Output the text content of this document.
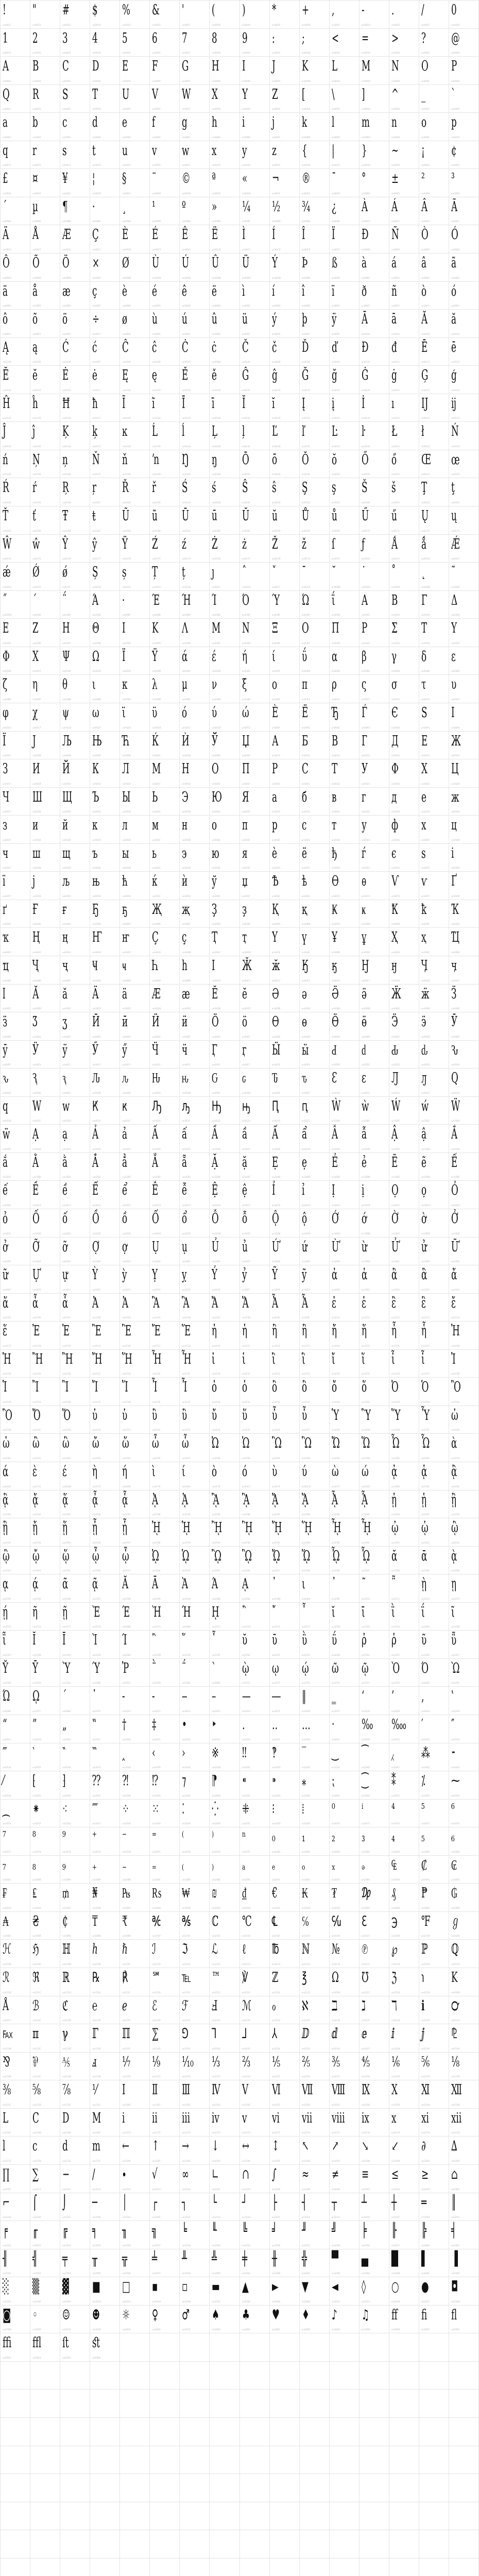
!
uni0021
"
uni0022
#
uni0023
$
uni0024
%
uni0025
&
uni0026
'
uni0027
(
uni0028
)
uni0029
*
uni002A
+
uni002B
,
uni002C
-
uni002D
.
uni002E
/
uni002F
0
uni0030
1
uni0031
2
uni0032
3
uni0033
4
uni0034
5
uni0035
6
uni0036
7
uni0037
8
uni0038
9
uni0039
:
uni003A
;
uni003B
<
uni003C
=
uni003D
>
uni003E
?
uni003F
@
uni0040
A
uni0041
B
uni0042
C
uni0043
D
uni0044
E
uni0045
F
uni0046
G
uni0047
H
uni0048
I
uni0049
J
uni004A
K
uni004B
L
uni004C
M
uni004D
N
uni004E
O
uni004F
P
uni0050
Q
uni0051
R
uni0052
S
uni0053
T
uni0054
U
uni0055
V
uni0056
W
uni0057
X
uni0058
Y
uni0059
Z
uni005A
[
uni005B
\
uni005C
]
uni005D
^
uni005E
_
uni005F
`
uni0060
a
uni0061
b
uni0062
c
uni0063
d
uni0064
e
uni0065
f
uni0066
g
uni0067
h
uni0068
i
uni0069
j
uni006A
k
uni006B
l
uni006C
m
uni006D
n
uni006E
o
uni006F
p
uni0070
q
uni0071
r
uni0072
s
uni0073
t
uni0074
u
uni0075
v
uni0076
w
uni0077
x
uni0078
y
uni0079
z
uni007A
{
uni007B
|
uni007C
}
uni007D
~
uni007E
¡
uni00A1
¢
uni00A2
£
uni00A3
¤
uni00A4
¥
uni00A5
¦
uni00A6
§
uni00A7
¨
uni00A8
©
uni00A9
ª
uni00AA
«
uni00AB
¬
uni00AC
®
uni00AE
¯
uni00AF
°
uni00B0
±
uni00B1
²
uni00B2
³
uni00B3
´
uni00B4
µ
uni00B5
¶
uni00B6
·
uni00B7
¸
uni00B8
¹
uni00B9
º
uni00BA
»
uni00BB
¼
uni00BC
½
uni00BD
¾
uni00BE
¿
uni00BF
À
uni00C0
Á
uni00C1
Â
uni00C2
Ã
uni00C3
Ä
uni00C4
Å
uni00C5
Æ
uni00C6
Ç
uni00C7
È
uni00C8
É
uni00C9
Ê
uni00CA
Ë
uni00CB
Ì
uni00CC
Í
uni00CD
Î
uni00CE
Ï
uni00CF
Ð
uni00D0
Ñ
uni00D1
Ò
uni00D2
Ó
uni00D3
Ô
uni00D4
Õ
uni00D5
Ö
uni00D6
×
uni00D7
Ø
uni00D8
Ù
uni00D9
Ú
uni00DA
Û
uni00DB
Ü
uni00DC
Ý
uni00DD
Þ
uni00DE
ß
uni00DF
à
uni00E0
á
uni00E1
â
uni00E2
ã
uni00E3
ä
uni00E4
å
uni00E5
æ
uni00E6
ç
uni00E7
è
uni00E8
é
uni00E9
ê
uni00EA
ë
uni00EB
ì
uni00EC
í
uni00ED
î
uni00EE
ï
uni00EF
ð
uni00F0
ñ
uni00F1
ò
uni00F2
ó
uni00F3
ô
uni00F4
õ
uni00F5
ö
uni00F6
÷
uni00F7
ø
uni00F8
ù
uni00F9
ú
uni00FA
û
uni00FB
ü
uni00FC
ý
uni00FD
þ
uni00FE
ÿ
uni00FF
Ā
uni0100
ā
uni0101
Ă
uni0102
ă
uni0103
Ą
uni0104
ą
uni0105
Ć
uni0106
ć
uni0107
Ĉ
uni0108
ĉ
uni0109
Ċ
uni010A
ċ
uni010B
Č
uni010C
č
uni010D
Ď
uni010E
ď
uni010F
Đ
uni0110
đ
uni0111
Ē
uni0112
ē
uni0113
Ĕ
uni0114
ĕ
uni0115
Ė
uni0116
ė
uni0117
Ę
uni0118
ę
uni0119
Ě
uni011A
ě
uni011B
Ĝ
uni011C
ĝ
uni011D
Ğ
uni011E
ğ
uni011F
Ġ
uni0120
ġ
uni0121
Ģ
uni0122
ģ
uni0123
Ĥ
uni0124
ĥ
uni0125
Ħ
uni0126
ħ
uni0127
Ĩ
uni0128
ĩ
uni0129
Ī
uni012A
ī
uni012B
Ĭ
uni012C
ĭ
uni012D
Į
uni012E
į
uni012F
İ
uni0130
ı
uni0131
Ĳ
uni0132
ĳ
uni0133
Ĵ
uni0134
ĵ
uni0135
Ķ
uni0136
ķ
uni0137
ĸ
uni0138
Ĺ
uni0139
ĺ
uni013A
Ļ
uni013B
ļ
uni013C
Ľ
uni013D
ľ
uni013E
Ŀ
uni013F
ŀ
uni0140
Ł
uni0141
ł
uni0142
Ń
uni0143
ń
uni0144
Ņ
uni0145
ņ
uni0146
Ň
uni0147
ň
uni0148
ŉ
uni0149
Ŋ
uni014A
ŋ
uni014B
Ō
uni014C
ō
uni014D
Ŏ
uni014E
ŏ
uni014F
Ő
uni0150
ő
uni0151
Œ
uni0152
œ
uni0153
Ŕ
uni0154
ŕ
uni0155
Ŗ
uni0156
ŗ
uni0157
Ř
uni0158
ř
uni0159
Ś
uni015A
ś
uni015B
Ŝ
uni015C
ŝ
uni015D
Ş
uni015E
ş
uni015F
Š
uni0160
š
uni0161
Ţ
uni0162
ţ
uni0163
Ť
uni0164
ť
uni0165
Ŧ
uni0166
ŧ
uni0167
Ũ
uni0168
ũ
uni0169
Ū
uni016A
ū
uni016B
Ŭ
uni016C
ŭ
uni016D
Ů
uni016E
ů
uni016F
Ű
uni0170
ű
uni0171
Ų
uni0172
ų
uni0173
Ŵ
uni0174
ŵ
uni0175
Ŷ
uni0176
ŷ
uni0177
Ÿ
uni0178
Ź
uni0179
ź
uni017A
Ż
uni017B
ż
uni017C
Ž
uni017D
ž
uni017E
ſ
uni017F
ƒ
uni0192
Ǻ
uni01FA
ǻ
uni01FB
Ǽ
uni01FC
ǽ
uni01FD
Ǿ
uni01FE
ǿ
uni01FF
Ș
uni0218
ș
uni0219
Ț
uni021A
ț
uni021B
ȷ
uni0237
ˆ
uni02C6
ˇ
uni02C7
ˉ
uni02C9
˘
uni02D8
˙
uni02D9
˚
uni02DA
˛
uni02DB
˜
uni02DC
˝
uni02DD
΄
uni0384
΅
uni0385
Ά
uni0386
·
uni00B7
Έ
uni0388
Ή
uni0389
Ί
uni038A
Ό
uni038C
Ύ
uni038E
Ώ
uni038F
ΐ
uni0390
Α
uni0391
Β
uni0392
Γ
uni0393
Δ
uni0394
Ε
uni0395
Ζ
uni0396
Η
uni0397
Θ
uni0398
Ι
uni0399
Κ
uni039A
Λ
uni039B
Μ
uni039C
Ν
uni039D
Ξ
uni039E
Ο
uni039F
Π
uni03A0
Ρ
uni03A1
Σ
uni03A3
Τ
uni03A4
Υ
uni03A5
Φ
uni03A6
Χ
uni03A7
Ψ
uni03A8
Ω
uni03A9
Ϊ
uni03AA
Ϋ
uni03AB
ά
uni03AC
έ
uni03AD
ή
uni03AE
ί
uni03AF
ΰ
uni03B0
α
uni03B1
β
uni03B2
γ
uni03B3
δ
uni03B4
ε
uni03B5
ζ
uni03B6
η
uni03B7
θ
uni03B8
ι
uni03B9
κ
uni03BA
λ
uni03BB
μ
uni03BC
ν
uni03BD
ξ
uni03BE
ο
uni03BF
π
uni03C0
ρ
uni03C1
ς
uni03C2
σ
uni03C3
τ
uni03C4
υ
uni03C5
φ
uni03C6
χ
uni03C7
ψ
uni03C8
ω
uni03C9
ϊ
uni03CA
ϋ
uni03CB
ό
uni03CC
ύ
uni03CD
ώ
uni03CE
Ѐ
uni0400
Ё
uni0401
Ђ
uni0402
Ѓ
uni0403
Є
uni0404
Ѕ
uni0405
І
uni0406
Ї
uni0407
Ј
uni0408
Љ
uni0409
Њ
uni040A
Ћ
uni040B
Ќ
uni040C
Ѝ
uni040D
Ў
uni040E
Џ
uni040F
А
uni0410
Б
uni0411
В
uni0412
Г
uni0413
Д
uni0414
Е
uni0415
Ж
uni0416
З
uni0417
И
uni0418
Й
uni0419
К
uni041A
Л
uni041B
М
uni041C
Н
uni041D
О
uni041E
П
uni041F
Р
uni0420
С
uni0421
Т
uni0422
У
uni0423
Ф
uni0424
Х
uni0425
Ц
uni0426
Ч
uni0427
Ш
uni0428
Щ
uni0429
Ъ
uni042A
Ы
uni042B
Ь
uni042C
Э
uni042D
Ю
uni042E
Я
uni042F
а
uni0430
б
uni0431
в
uni0432
г
uni0433
д
uni0434
е
uni0435
ж
uni0436
з
uni0437
и
uni0438
й
uni0439
к
uni043A
л
uni043B
м
uni043C
н
uni043D
о
uni043E
п
uni043F
р
uni0440
с
uni0441
т
uni0442
у
uni0443
ф
uni0444
х
uni0445
ц
uni0446
ч
uni0447
ш
uni0448
щ
uni0449
ъ
uni044A
ы
uni044B
ь
uni044C
э
uni044D
ю
uni044E
я
uni044F
ѐ
uni0450
ё
uni0451
ђ
uni0452
ѓ
uni0453
є
uni0454
ѕ
uni0455
і
uni0456
ї
uni0457
ј
uni0458
љ
uni0459
њ
uni045A
ћ
uni045B
ќ
uni045C
ѝ
uni045D
ў
uni045E
џ
uni045F
Ѣ
uni0462
ѣ
uni0463
Ѳ
uni0472
ѳ
uni0473
Ѵ
uni0474
ѵ
uni0475
Ґ
uni0490
ґ
uni0491
Ғ
uni0492
ғ
uni0493
Ҕ
uni0494
ҕ
uni0495
Җ
uni0496
җ
uni0497
Ҙ
uni0498
ҙ
uni0499
Қ
uni049A
қ
uni049B
Ҝ
uni049C
ҝ
uni049D
Ҟ
uni049E
ҟ
uni049F
Ҡ
uni04A0
ҡ
uni04A1
Ң
uni04A2
ң
uni04A3
Ҥ
uni04A4
ҥ
uni04A5
Ҫ
uni04AA
ҫ
uni04AB
Ҭ
uni04AC
ҭ
uni04AD
Ү
uni04AE
ү
uni04AF
Ұ
uni04B0
ұ
uni04B1
Ҳ
uni04B2
ҳ
uni04B3
Ҵ
uni04B4
ҵ
uni04B5
Ҷ
uni04B6
ҷ
uni04B7
Ҹ
uni04B8
ҹ
uni04B9
Һ
uni04BA
һ
uni04BB
Ӏ
uni04C0
Ӂ
uni04C1
ӂ
uni04C2
Ӄ
uni04C3
ӄ
uni04C4
Ӈ
uni04C7
ӈ
uni04C8
Ӌ
uni04CB
ӌ
uni04CC
ӏ
uni04CF
Ӑ
uni04D0
ӑ
uni04D1
Ӓ
uni04D2
ӓ
uni04D3
Ӕ
uni04D4
ӕ
uni04D5
Ӗ
uni04D6
ӗ
uni04D7
Ә
uni04D8
ә
uni04D9
Ӛ
uni04DA
ӛ
uni04DB
Ӝ
uni04DC
ӝ
uni04DD
Ӟ
uni04DE
ӟ
uni04DF
Ӡ
uni04E0
ӡ
uni04E1
Ӣ
uni04E2
ӣ
uni04E3
Ӥ
uni04E4
ӥ
uni04E5
Ӧ
uni04E6
ӧ
uni04E7
Ө
uni04E8
ө
uni04E9
Ӫ
uni04EA
ӫ
uni04EB
Ӭ
uni04EC
ӭ
uni04ED
Ӯ
uni04EE
ӯ
uni04EF
Ӱ
uni04F0
ӱ
uni04F1
Ӳ
uni04F2
ӳ
uni04F3
Ӵ
uni04F4
ӵ
uni04F5
Ӷ
uni04F6
ӷ
uni04F7
Ӹ
uni04F8
ӹ
uni04F9
Ԁ
uni0500
ԁ
uni0501
Ԃ
uni0502
ԃ
uni0503
Ԅ
uni0504
ԅ
uni0505
Ԇ
uni0506
ԇ
uni0507
Ԉ
uni0508
ԉ
uni0509
Ԋ
uni050A
ԋ
uni050B
Ԍ
uni050C
ԍ
uni050D
Ԏ
uni050E
ԏ
uni050F
Ԑ
uni0510
ԑ
uni0511
Ԓ
uni0512
ԓ
uni0513
Ԛ
uni051A
ԛ
uni051B
Ԝ
uni051C
ԝ
uni051D
Ԟ
uni051E
ԟ
uni051F
Ԡ
uni0520
ԡ
uni0521
Ԣ
uni0522
ԣ
uni0523
Ԥ
uni0524
ԥ
uni0525
Ẁ
uni1E80
ẁ
uni1E81
Ẃ
uni1E82
ẃ
uni1E83
Ẅ
uni1E84
ẅ
uni1E85
Ạ
uni1EA0
ạ
uni1EA1
Ả
uni1EA2
ả
uni1EA3
Ấ
uni1EA4
ấ
uni1EA5
Ầ
uni1EA6
ầ
uni1EA7
Ẩ
uni1EA8
ẩ
uni1EA9
Ẫ
uni1EAA
ẫ
uni1EAB
Ậ
uni1EAC
ậ
uni1EAD
Ắ
uni1EAE
ắ
uni1EAF
Ằ
uni1EB0
ằ
uni1EB1
Ẳ
uni1EB2
ẳ
uni1EB3
Ẵ
uni1EB4
ẵ
uni1EB5
Ặ
uni1EB6
ặ
uni1EB7
Ẹ
uni1EB8
ẹ
uni1EB9
Ẻ
uni1EBA
ẻ
uni1EBB
Ẽ
uni1EBC
ẽ
uni1EBD
Ế
uni1EBE
ế
uni1EBF
Ề
uni1EC0
ề
uni1EC1
Ể
uni1EC2
ể
uni1EC3
Ễ
uni1EC4
ễ
uni1EC5
Ệ
uni1EC6
ệ
uni1EC7
Ỉ
uni1EC8
ỉ
uni1EC9
Ị
uni1ECA
ị
uni1ECB
Ọ
uni1ECC
ọ
uni1ECD
Ỏ
uni1ECE
ỏ
uni1ECF
Ố
uni1ED0
ố
uni1ED1
Ồ
uni1ED2
ồ
uni1ED3
Ổ
uni1ED4
ổ
uni1ED5
Ỗ
uni1ED6
ỗ
uni1ED7
Ộ
uni1ED8
ộ
uni1ED9
Ớ
uni1EDA
ớ
uni1EDB
Ờ
uni1EDC
ờ
uni1EDD
Ở
uni1EDE
ở
uni1EDF
Ỡ
uni1EE0
ỡ
uni1EE1
Ợ
uni1EE2
ợ
uni1EE3
Ụ
uni1EE4
ụ
uni1EE5
Ủ
uni1EE6
ủ
uni1EE7
Ứ
uni1EE8
ứ
uni1EE9
Ừ
uni1EEA
ừ
uni1EEB
Ử
uni1EEC
ử
uni1EED
Ữ
uni1EEE
ữ
uni1EEF
Ự
uni1EF0
ự
uni1EF1
Ỳ
uni1EF2
ỳ
uni1EF3
Ỵ
uni1EF4
ỵ
uni1EF5
Ỷ
uni1EF6
ỷ
uni1EF7
Ỹ
uni1EF8
ỹ
uni1EF9
ἀ
uni1F00
ἁ
uni1F01
ἂ
uni1F02
ἃ
uni1F03
ἄ
uni1F04
ἅ
uni1F05
ἆ
uni1F06
ἇ
uni1F07
Ἀ
uni1F08
Ἁ
uni1F09
Ἂ
uni1F0A
Ἃ
uni1F0B
Ἄ
uni1F0C
Ἅ
uni1F0D
Ἆ
uni1F0E
Ἇ
uni1F0F
ἐ
uni1F10
ἑ
uni1F11
ἒ
uni1F12
ἓ
uni1F13
ἔ
uni1F14
ἕ
uni1F15
Ἐ
uni1F18
Ἑ
uni1F19
Ἒ
uni1F1A
Ἓ
uni1F1B
Ἔ
uni1F1C
Ἕ
uni1F1D
ἠ
uni1F20
ἡ
uni1F21
ἢ
uni1F22
ἣ
uni1F23
ἤ
uni1F24
ἥ
uni1F25
ἦ
uni1F26
ἧ
uni1F27
Ἠ
uni1F28
Ἡ
uni1F29
Ἢ
uni1F2A
Ἣ
uni1F2B
Ἤ
uni1F2C
Ἥ
uni1F2D
Ἦ
uni1F2E
Ἧ
uni1F2F
ἰ
uni1F30
ἱ
uni1F31
ἲ
uni1F32
ἳ
uni1F33
ἴ
uni1F34
ἵ
uni1F35
ἶ
uni1F36
ἷ
uni1F37
Ἰ
uni1F38
Ἱ
uni1F39
Ἲ
uni1F3A
Ἳ
uni1F3B
Ἴ
uni1F3C
Ἵ
uni1F3D
Ἶ
uni1F3E
Ἷ
uni1F3F
ὀ
uni1F40
ὁ
uni1F41
ὂ
uni1F42
ὃ
uni1F43
ὄ
uni1F44
ὅ
uni1F45
Ὀ
uni1F48
Ὁ
uni1F49
Ὂ
uni1F4A
Ὃ
uni1F4B
Ὄ
uni1F4C
Ὅ
uni1F4D
ὐ
uni1F50
ὑ
uni1F51
ὒ
uni1F52
ὓ
uni1F53
ὔ
uni1F54
ὕ
uni1F55
ὖ
uni1F56
ὗ
uni1F57
Ὑ
uni1F59
Ὓ
uni1F5B
Ὕ
uni1F5D
Ὗ
uni1F5F
ὠ
uni1F60
ὡ
uni1F61
ὢ
uni1F62
ὣ
uni1F63
ὤ
uni1F64
ὥ
uni1F65
ὦ
uni1F66
ὧ
uni1F67
Ὠ
uni1F68
Ὡ
uni1F69
Ὢ
uni1F6A
Ὣ
uni1F6B
Ὤ
uni1F6C
Ὥ
uni1F6D
Ὦ
uni1F6E
Ὧ
uni1F6F
ὰ
uni1F70
ά
uni03AC
ὲ
uni1F72
έ
uni03AD
ὴ
uni1F74
ή
uni03AE
ὶ
uni1F76
ί
uni03AF
ὸ
uni1F78
ό
uni03CC
ὺ
uni1F7A
ύ
uni03CD
ὼ
uni1F7C
ώ
uni03CE
ᾀ
uni1F80
ᾁ
uni1F81
ᾂ
uni1F82
ᾃ
uni1F83
ᾄ
uni1F84
ᾅ
uni1F85
ᾆ
uni1F86
ᾇ
uni1F87
ᾈ
uni1F88
ᾉ
uni1F89
ᾊ
uni1F8A
ᾋ
uni1F8B
ᾌ
uni1F8C
ᾍ
uni1F8D
ᾎ
uni1F8E
ᾏ
uni1F8F
ᾐ
uni1F90
ᾑ
uni1F91
ᾒ
uni1F92
ᾓ
uni1F93
ᾔ
uni1F94
ᾕ
uni1F95
ᾖ
uni1F96
ᾗ
uni1F97
ᾘ
uni1F98
ᾙ
uni1F99
ᾚ
uni1F9A
ᾛ
uni1F9B
ᾜ
uni1F9C
ᾝ
uni1F9D
ᾞ
uni1F9E
ᾟ
uni1F9F
ᾠ
uni1FA0
ᾡ
uni1FA1
ᾢ
uni1FA2
ᾣ
uni1FA3
ᾤ
uni1FA4
ᾥ
uni1FA5
ᾦ
uni1FA6
ᾧ
uni1FA7
ᾨ
uni1FA8
ᾩ
uni1FA9
ᾪ
uni1FAA
ᾫ
uni1FAB
ᾬ
uni1FAC
ᾭ
uni1FAD
ᾮ
uni1FAE
ᾯ
uni1FAF
ᾰ
uni1FB0
ᾱ
uni1FB1
ᾲ
uni1FB2
ᾳ
uni1FB3
ᾴ
uni1FB4
ᾶ
uni1FB6
ᾷ
uni1FB7
Ᾰ
uni1FB8
Ᾱ
uni1FB9
Ὰ
uni1FBA
Ά
uni0386
ᾼ
uni1FBC
᾽
uni1FBD
ι
uni03B9
᾿
uni1FBF
῀
uni1FC0
῁
uni1FC1
ῂ
uni1FC2
ῃ
uni1FC3
ῄ
uni1FC4
ῆ
uni1FC6
ῇ
uni1FC7
Ὲ
uni1FC8
Έ
uni0388
Ὴ
uni1FCA
Ή
uni0389
ῌ
uni1FCC
῍
uni1FCD
῎
uni1FCE
῏
uni1FCF
ῐ
uni1FD0
ῑ
uni1FD1
ῒ
uni1FD2
ΐ
uni0390
ῖ
uni1FD6
ῗ
uni1FD7
Ῐ
uni1FD8
Ῑ
uni1FD9
Ὶ
uni1FDA
Ί
uni038A
῝
uni1FDD
῞
uni1FDE
῟
uni1FDF
ῠ
uni1FE0
ῡ
uni1FE1
ῢ
uni1FE2
ΰ
uni03B0
ῤ
uni1FE4
ῥ
uni1FE5
ῦ
uni1FE6
ῧ
uni1FE7
Ῠ
uni1FE8
Ῡ
uni1FE9
Ὺ
uni1FEA
Ύ
uni038E
Ῥ
uni1FEC
῭
uni1FED
΅
uni0385
`
uni0060
ῲ
uni1FF2
ῳ
uni1FF3
ῴ
uni1FF4
ῶ
uni1FF6
ῷ
uni1FF7
Ὸ
uni1FF8
Ό
uni038C
Ὼ
uni1FFA
Ώ
uni038F
ῼ
uni1FFC
´
uni00B4
῾
uni1FFE
‐
uni2010
‑
uni2011
‒
uni2012
–
uni2013
—
uni2014
―
uni2015
‖
uni2016
‗
uni2017
‘
uni2018
’
uni2019
‚
uni201A
‛
uni201B
“
uni201C
”
uni201D
„
uni201E
‟
uni201F
†
uni2020
‡
uni2021
•
uni2022
‣
uni2023
․
uni2024
‥
uni2025
…
uni2026
‧
uni2027
‰
uni2030
‱
uni2031
′
uni2032
″
uni2033
‴
uni2034
‵
uni2035
‶
uni2036
‷
uni2037
‸
uni2038
‹
uni2039
›
uni203A
※
uni203B
‼
uni203C
‽
uni203D
‾
uni203E
‿
uni203F
⁀
uni2040
⁁
uni2041
⁂
uni2042
⁃
uni2043
⁄
uni2044
⁅
uni2045
⁆
uni2046
⁇
uni2047
⁈
uni2048
⁉
uni2049
⁊
uni204A
⁋
uni204B
⁌
uni204C
⁍
uni204D
⁎
uni204E
⁏
uni204F
⁐
uni2050
⁑
uni2051
⁒
uni2052
⁓
uni2053
⁔
uni2054
⁕
uni2055
⁖
uni2056
⁗
uni2057
⁘
uni2058
⁙
uni2059
⁚
uni205A
⁛
uni205B
⁜
uni205C
⁝
uni205D
⁞
uni205E
⁰
uni2070
ⁱ
uni2071
⁴
uni2074
⁵
uni2075
⁶
uni2076
⁷
uni2077
⁸
uni2078
⁹
uni2079
⁺
uni207A
⁻
uni207B
⁼
uni207C
⁽
uni207D
⁾
uni207E
ⁿ
uni207F
₀
uni2080
₁
uni2081
₂
uni2082
₃
uni2083
₄
uni2084
₅
uni2085
₆
uni2086
₇
uni2087
₈
uni2088
₉
uni2089
₊
uni208A
₋
uni208B
₌
uni208C
₍
uni208D
₎
uni208E
ₐ
uni2090
ₑ
uni2091
ₒ
uni2092
ₓ
uni2093
ₔ
uni2094
₠
uni20A0
₡
uni20A1
₢
uni20A2
₣
uni20A3
₤
uni20A4
₥
uni20A5
₦
uni20A6
₧
uni20A7
₨
uni20A8
₩
uni20A9
₪
uni20AA
₫
uni20AB
€
uni20AC
₭
uni20AD
₮
uni20AE
₯
uni20AF
₰
uni20B0
₱
uni20B1
₲
uni20B2
₳
uni20B3
₴
uni20B4
₵
uni20B5
₸
uni20B8
₹
uni20B9
℀
uni2100
℁
uni2101
ℂ
uni2102
℃
uni2103
℄
uni2104
℅
uni2105
℆
uni2106
ℇ
uni2107
℈
uni2108
℉
uni2109
ℊ
uni210A
ℋ
uni210B
ℌ
uni210C
ℍ
uni210D
ℎ
uni210E
ℏ
uni210F
ℐ
uni2110
ℑ
uni2111
ℒ
uni2112
ℓ
uni2113
℔
uni2114
ℕ
uni2115
№
uni2116
℗
uni2117
℘
uni2118
ℙ
uni2119
ℚ
uni211A
ℛ
uni211B
ℜ
uni211C
ℝ
uni211D
℞
uni211E
℟
uni211F
℠
uni2120
℡
uni2121
™
uni2122
℣
uni2123
ℤ
uni2124
℥
uni2125
Ω
uni03A9
℧
uni2127
ℨ
uni2128
℩
uni2129
K
uni004B
Å
uni00C5
ℬ
uni212C
ℭ
uni212D
℮
uni212E
ℯ
uni212F
ℰ
uni2130
ℱ
uni2131
Ⅎ
uni2132
ℳ
uni2133
ℴ
uni2134
ℵ
uni2135
ℶ
uni2136
ℷ
uni2137
ℸ
uni2138
ℹ
uni2139
℺
uni213A
℻
uni213B
ℼ
uni213C
ℽ
uni213D
ℾ
uni213E
ℿ
uni213F
⅀
uni2140
⅁
uni2141
⅂
uni2142
⅃
uni2143
⅄
uni2144
ⅅ
uni2145
ⅆ
uni2146
ⅇ
uni2147
ⅈ
uni2148
ⅉ
uni2149
⅊
uni214A
⅋
uni214B
⅌
uni214C
⅍
uni214D
ⅎ
uni214E
⅐
uni2150
⅑
uni2151
⅒
uni2152
⅓
uni2153
⅔
uni2154
⅕
uni2155
⅖
uni2156
⅗
uni2157
⅘
uni2158
⅙
uni2159
⅚
uni215A
⅛
uni215B
⅜
uni215C
⅝
uni215D
⅞
uni215E
⅟
uni215F
Ⅰ
uni2160
Ⅱ
uni2161
Ⅲ
uni2162
Ⅳ
uni2163
Ⅴ
uni2164
Ⅵ
uni2165
Ⅶ
uni2166
Ⅷ
uni2167
Ⅸ
uni2168
Ⅹ
uni2169
Ⅺ
uni216A
Ⅻ
uni216B
Ⅼ
uni216C
Ⅽ
uni216D
Ⅾ
uni216E
Ⅿ
uni216F
ⅰ
uni2170
ⅱ
uni2171
ⅲ
uni2172
ⅳ
uni2173
ⅴ
uni2174
ⅵ
uni2175
ⅶ
uni2176
ⅷ
uni2177
ⅸ
uni2178
ⅹ
uni2179
ⅺ
uni217A
ⅻ
uni217B
ⅼ
uni217C
ⅽ
uni217D
ⅾ
uni217E
ⅿ
uni217F
←
uni2190
↑
uni2191
→
uni2192
↓
uni2193
↔
uni2194
↕
uni2195
↖
uni2196
↗
uni2197
↘
uni2198
↙
uni2199
∂
uni2202
∆
uni2206
∏
uni220F
∑
uni2211
−
uni2212
∕
uni2215
∙
uni2219
√
uni221A
∞
uni221E
∟
uni221F
∩
uni2229
∫
uni222B
≈
uni2248
≠
uni2260
≡
uni2261
≤
uni2264
≥
uni2265
⌂
uni2302
⌐
uni2310
⌠
uni2320
⌡
uni2321
─
uni2500
│
uni2502
┌
uni250C
┐
uni2510
└
uni2514
┘
uni2518
├
uni251C
┤
uni2524
┬
uni252C
┴
uni2534
┼
uni253C
═
uni2550
║
uni2551
╒
uni2552
╓
uni2553
╔
uni2554
╕
uni2555
╖
uni2556
╗
uni2557
╘
uni2558
╙
uni2559
╚
uni255A
╛
uni255B
╜
uni255C
╝
uni255D
╞
uni255E
╟
uni255F
╠
uni2560
╡
uni2561
╢
uni2562
╣
uni2563
╤
uni2564
╥
uni2565
╦
uni2566
╧
uni2567
╨
uni2568
╩
uni2569
╪
uni256A
╫
uni256B
╬
uni256C
▀
uni2580
▄
uni2584
█
uni2588
▌
uni258C
▐
uni2590
░
uni2591
▒
uni2592
▓
uni2593
■
uni25A0
□
uni25A1
▪
uni25AA
▫
uni25AB
▬
uni25AC
▲
uni25B2
►
uni25BA
▼
uni25BC
◄
uni25C4
◊
uni25CA
○
uni25CB
●
uni25CF
◘
uni25D8
◙
uni25D9
◦
uni25E6
☺
uni263A
☻
uni263B
☼
uni263C
♀
uni2640
♂
uni2642
♠
uni2660
♣
uni2663
♥
uni2665
♦
uni2666
♪
uni266A
♫
uni266B
ﬀ
uniFB00
ﬁ
uniFB01
ﬂ
uniFB02
ﬃ
uniFB03
ﬄ
uniFB04
ﬅ
uniFB05
ﬆ
uniFB06
